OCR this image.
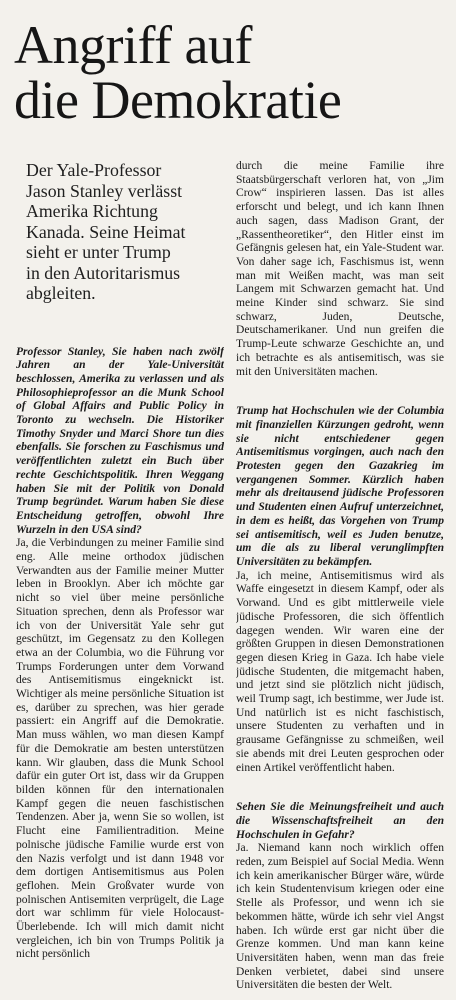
Angriff auf
die Demokratie
Der Yale-Professor
Jason Stanley verlässt
Amerika Richtung
Kanada. Seine Heimat
sieht er unter Trump
in den Autoritarismus
abgleiten.

Professor Stanley, Sie haben nach zwölf Jahren an der Yale-Universität beschlossen, Amerika zu verlassen und als Philosophieprofessor an die Munk School of Global Affairs and Public Policy in Toronto zu wechseln. Die Historiker Timothy Snyder und Marci Shore tun dies ebenfalls. Sie forschen zu Faschismus und veröffentlichten zuletzt ein Buch über rechte Geschichtspolitik. Ihren Weggang haben Sie mit der Politik von Donald Trump begründet. Warum haben Sie diese Entscheidung getroffen, obwohl Ihre Wurzeln in den USA sind?

Ja, die Verbindungen zu meiner Familie sind eng. Alle meine orthodox jüdischen Verwandten aus der Familie meiner Mutter leben in Brooklyn. Aber ich möchte gar nicht so viel über meine persönliche Situation sprechen, denn als Professor war ich von der Universität Yale sehr gut geschützt, im Gegensatz zu den Kollegen etwa an der Columbia, wo die Führung vor Trumps Forderungen unter dem Vorwand des Antisemitismus eingeknickt ist. Wichtiger als meine persönliche Situation ist es, darüber zu sprechen, was hier gerade passiert: ein Angriff auf die Demokratie. Man muss wählen, wo man diesen Kampf für die Demokratie am besten unterstützen kann. Wir glauben, dass die Munk School dafür ein guter Ort ist, dass wir da Gruppen bilden können für den internationalen Kampf gegen die neuen faschistischen Tendenzen. Aber ja, wenn Sie so wollen, ist Flucht eine Familientradition. Meine polnische jüdische Familie wurde erst von den Nazis verfolgt und ist dann 1948 vor dem dortigen Antisemitismus aus Polen geflohen. Mein Großvater wurde von polnischen Antisemiten verprügelt, die Lage dort war schlimm für viele Holocaust-Überlebende. Ich will mich damit nicht vergleichen, ich bin von Trumps Politik ja nicht persönlich

durch die meine Familie ihre Staatsbürgerschaft verloren hat, von „Jim Crow“ inspirieren lassen. Das ist alles erforscht und belegt, und ich kann Ihnen auch sagen, dass Madison Grant, der „Rassentheoretiker“, den Hitler einst im Gefängnis gelesen hat, ein Yale-Student war. Von daher sage ich, Faschismus ist, wenn man mit Weißen macht, was man seit Langem mit Schwarzen gemacht hat. Und meine Kinder sind schwarz. Sie sind schwarz, Juden, Deutsche, Deutschamerikaner. Und nun greifen die Trump-Leute schwarze Geschichte an, und ich betrachte es als antisemitisch, was sie mit den Universitäten machen.

Trump hat Hochschulen wie der Columbia mit finanziellen Kürzungen gedroht, wenn sie nicht entschiedener gegen Antisemitismus vorgingen, auch nach den Protesten gegen den Gazakrieg im vergangenen Sommer. Kürzlich haben mehr als dreitausend jüdische Professoren und Studenten einen Aufruf unterzeichnet, in dem es heißt, das Vorgehen von Trump sei antisemitisch, weil es Juden benutze, um die als zu liberal verunglimpften Universitäten zu bekämpfen.

Ja, ich meine, Antisemitismus wird als Waffe eingesetzt in diesem Kampf, oder als Vorwand. Und es gibt mittlerweile viele jüdische Professoren, die sich öffentlich dagegen wenden. Wir waren eine der größten Gruppen in diesen Demonstrationen gegen diesen Krieg in Gaza. Ich habe viele jüdische Studenten, die mitgemacht haben, und jetzt sind sie plötzlich nicht jüdisch, weil Trump sagt, ich bestimme, wer Jude ist. Und natürlich ist es nicht faschistisch, unsere Studenten zu verhaften und in grausame Gefängnisse zu schmeißen, weil sie abends mit drei Leuten gesprochen oder einen Artikel veröffentlicht haben.

Sehen Sie die Meinungsfreiheit und auch die Wissenschaftsfreiheit an den Hochschulen in Gefahr?

Ja. Niemand kann noch wirklich offen reden, zum Beispiel auf Social Media. Wenn ich kein amerikanischer Bürger wäre, würde ich kein Studentenvisum kriegen oder eine Stelle als Professor, und wenn ich sie bekommen hätte, würde ich sehr viel Angst haben. Ich würde erst gar nicht über die Grenze kommen. Und man kann keine Universitäten haben, wenn man das freie Denken verbietet, dabei sind unsere Universitäten die besten der Welt.
